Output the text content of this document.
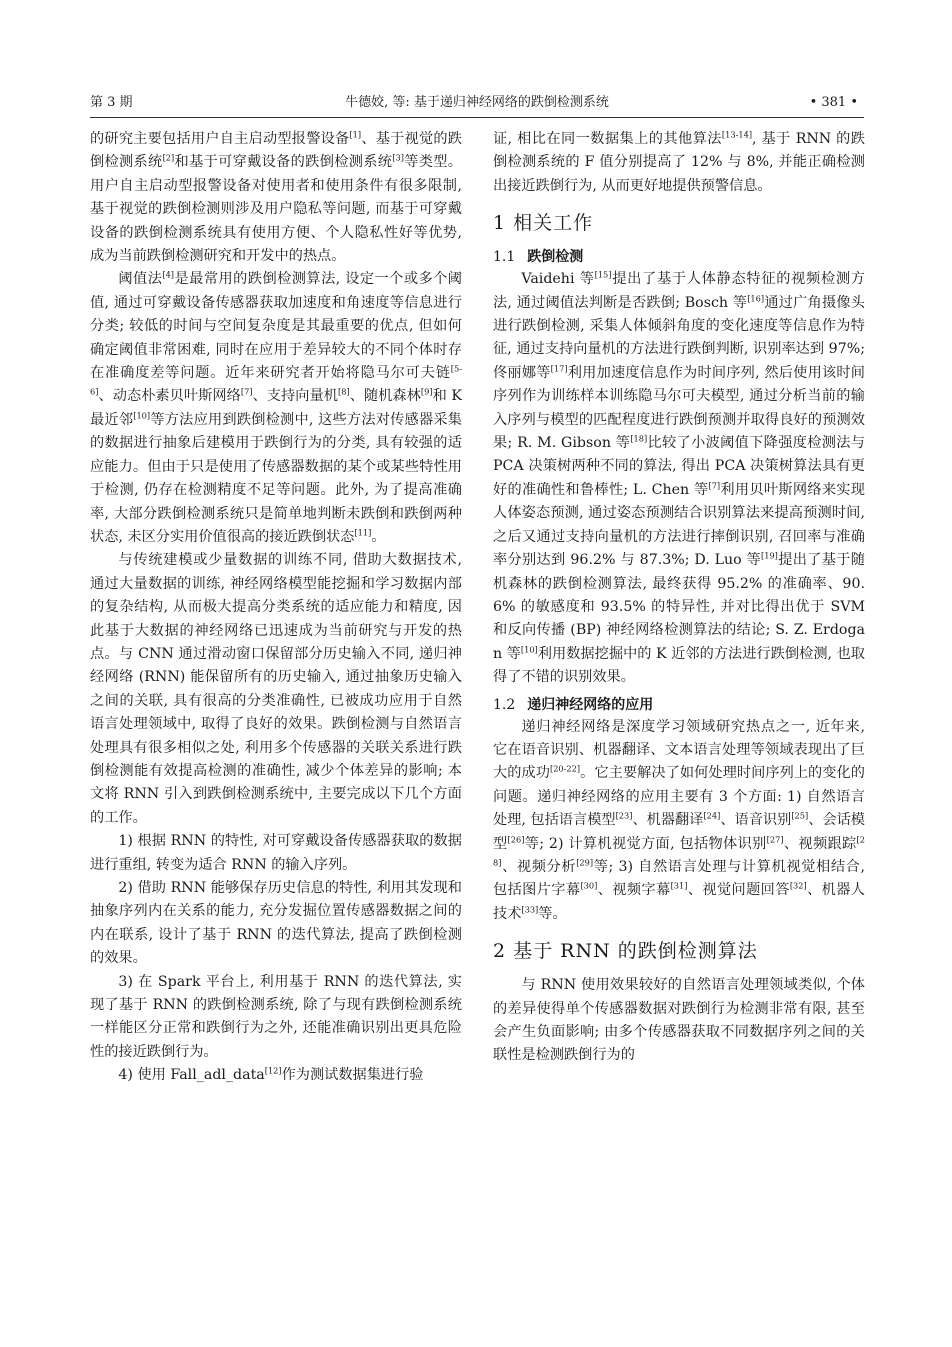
第 3 期	牛德姣, 等: 基于递归神经网络的跌倒检测系统	• 381 •

的研究主要包括用户自主启动型报警设备[1]、基于视觉的跌倒检测系统[2]和基于可穿戴设备的跌倒检测系统[3]等类型。用户自主启动型报警设备对使用者和使用条件有很多限制, 基于视觉的跌倒检测则涉及用户隐私等问题, 而基于可穿戴设备的跌倒检测系统具有使用方便、个人隐私性好等优势, 成为当前跌倒检测研究和开发中的热点。

阈值法[4]是最常用的跌倒检测算法, 设定一个或多个阈值, 通过可穿戴设备传感器获取加速度和角速度等信息进行分类; 较低的时间与空间复杂度是其最重要的优点, 但如何确定阈值非常困难, 同时在应用于差异较大的不同个体时存在准确度差等问题。近年来研究者开始将隐马尔可夫链[5-6]、动态朴素贝叶斯网络[7]、支持向量机[8]、随机森林[9]和 K 最近邻[10]等方法应用到跌倒检测中, 这些方法对传感器采集的数据进行抽象后建模用于跌倒行为的分类, 具有较强的适应能力。但由于只是使用了传感器数据的某个或某些特性用于检测, 仍存在检测精度不足等问题。此外, 为了提高准确率, 大部分跌倒检测系统只是简单地判断未跌倒和跌倒两种状态, 未区分实用价值很高的接近跌倒状态[11]。

与传统建模或少量数据的训练不同, 借助大数据技术, 通过大量数据的训练, 神经网络模型能挖掘和学习数据内部的复杂结构, 从而极大提高分类系统的适应能力和精度, 因此基于大数据的神经网络已迅速成为当前研究与开发的热点。与 CNN 通过滑动窗口保留部分历史输入不同, 递归神经网络 (RNN) 能保留所有的历史输入, 通过抽象历史输入之间的关联, 具有很高的分类准确性, 已被成功应用于自然语言处理领域中, 取得了良好的效果。跌倒检测与自然语言处理具有很多相似之处, 利用多个传感器的关联关系进行跌倒检测能有效提高检测的准确性, 减少个体差异的影响; 本文将 RNN 引入到跌倒检测系统中, 主要完成以下几个方面的工作。

1) 根据 RNN 的特性, 对可穿戴设备传感器获取的数据进行重组, 转变为适合 RNN 的输入序列。

2) 借助 RNN 能够保存历史信息的特性, 利用其发现和抽象序列内在关系的能力, 充分发掘位置传感器数据之间的内在联系, 设计了基于 RNN 的迭代算法, 提高了跌倒检测的效果。

3) 在 Spark 平台上, 利用基于 RNN 的迭代算法, 实现了基于 RNN 的跌倒检测系统, 除了与现有跌倒检测系统一样能区分正常和跌倒行为之外, 还能准确识别出更具危险性的接近跌倒行为。

4) 使用 Fall_adl_data[12]作为测试数据集进行验

证, 相比在同一数据集上的其他算法[13-14], 基于 RNN 的跌倒检测系统的 F 值分别提高了 12% 与 8%, 并能正确检测出接近跌倒行为, 从而更好地提供预警信息。

1 相关工作
1.1 跌倒检测

Vaidehi 等[15]提出了基于人体静态特征的视频检测方法, 通过阈值法判断是否跌倒; Bosch 等[16]通过广角摄像头进行跌倒检测, 采集人体倾斜角度的变化速度等信息作为特征, 通过支持向量机的方法进行跌倒判断, 识别率达到 97%; 佟丽娜等[17]利用加速度信息作为时间序列, 然后使用该时间序列作为训练样本训练隐马尔可夫模型, 通过分析当前的输入序列与模型的匹配程度进行跌倒预测并取得良好的预测效果; R. M. Gibson 等[18]比较了小波阈值下降强度检测法与 PCA 决策树两种不同的算法, 得出 PCA 决策树算法具有更好的准确性和鲁棒性; L. Chen 等[7]利用贝叶斯网络来实现人体姿态预测, 通过姿态预测结合识别算法来提高预测时间, 之后又通过支持向量机的方法进行摔倒识别, 召回率与准确率分别达到 96.2% 与 87.3%; D. Luo 等[19]提出了基于随机森林的跌倒检测算法, 最终获得 95.2% 的准确率、90.6% 的敏感度和 93.5% 的特异性, 并对比得出优于 SVM 和反向传播 (BP) 神经网络检测算法的结论; S. Z. Erdogan 等[10]利用数据挖掘中的 K 近邻的方法进行跌倒检测, 也取得了不错的识别效果。

1.2 递归神经网络的应用

递归神经网络是深度学习领域研究热点之一, 近年来, 它在语音识别、机器翻译、文本语言处理等领域表现出了巨大的成功[20-22]。它主要解决了如何处理时间序列上的变化的问题。递归神经网络的应用主要有 3 个方面: 1) 自然语言处理, 包括语言模型[23]、机器翻译[24]、语音识别[25]、会话模型[26]等; 2) 计算机视觉方面, 包括物体识别[27]、视频跟踪[28]、视频分析[29]等; 3) 自然语言处理与计算机视觉相结合, 包括图片字幕[30]、视频字幕[31]、视觉问题回答[32]、机器人技术[33]等。

2 基于 RNN 的跌倒检测算法

与 RNN 使用效果较好的自然语言处理领域类似, 个体的差异使得单个传感器数据对跌倒行为检测非常有限, 甚至会产生负面影响; 由多个传感器获取不同数据序列之间的关联性是检测跌倒行为的
